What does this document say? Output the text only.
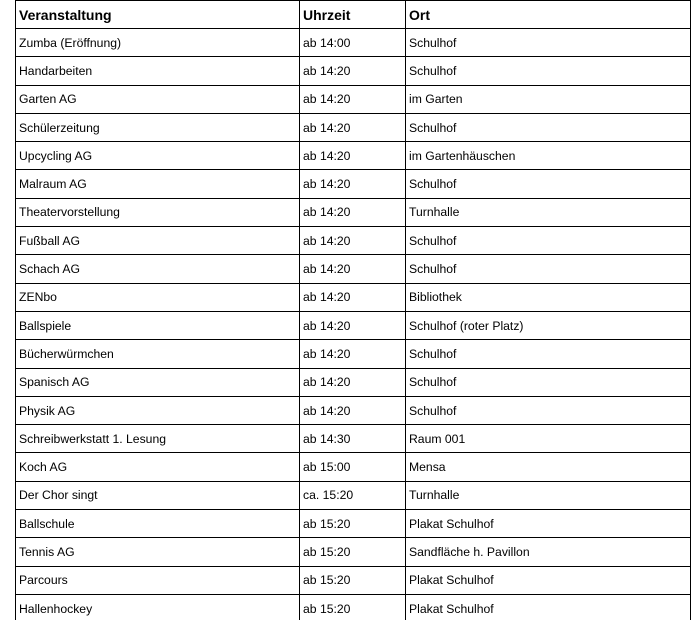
Veranstaltung	Uhrzeit	Ort
Zumba (Eröffnung)	ab 14:00	Schulhof
Handarbeiten	ab 14:20	Schulhof
Garten AG	ab 14:20	im Garten
Schülerzeitung	ab 14:20	Schulhof
Upcycling AG	ab 14:20	im Gartenhäuschen
Malraum AG	ab 14:20	Schulhof
Theatervorstellung	ab 14:20	Turnhalle
Fußball AG	ab 14:20	Schulhof
Schach AG	ab 14:20	Schulhof
ZENbo	ab 14:20	Bibliothek
Ballspiele	ab 14:20	Schulhof (roter Platz)
Bücherwürmchen	ab 14:20	Schulhof
Spanisch AG	ab 14:20	Schulhof
Physik AG	ab 14:20	Schulhof
Schreibwerkstatt 1. Lesung	ab 14:30	Raum 001
Koch AG	ab 15:00	Mensa
Der Chor singt	ca. 15:20	Turnhalle
Ballschule	ab 15:20	Plakat Schulhof
Tennis AG	ab 15:20	Sandfläche h. Pavillon
Parcours	ab 15:20	Plakat Schulhof
Hallenhockey	ab 15:20	Plakat Schulhof
